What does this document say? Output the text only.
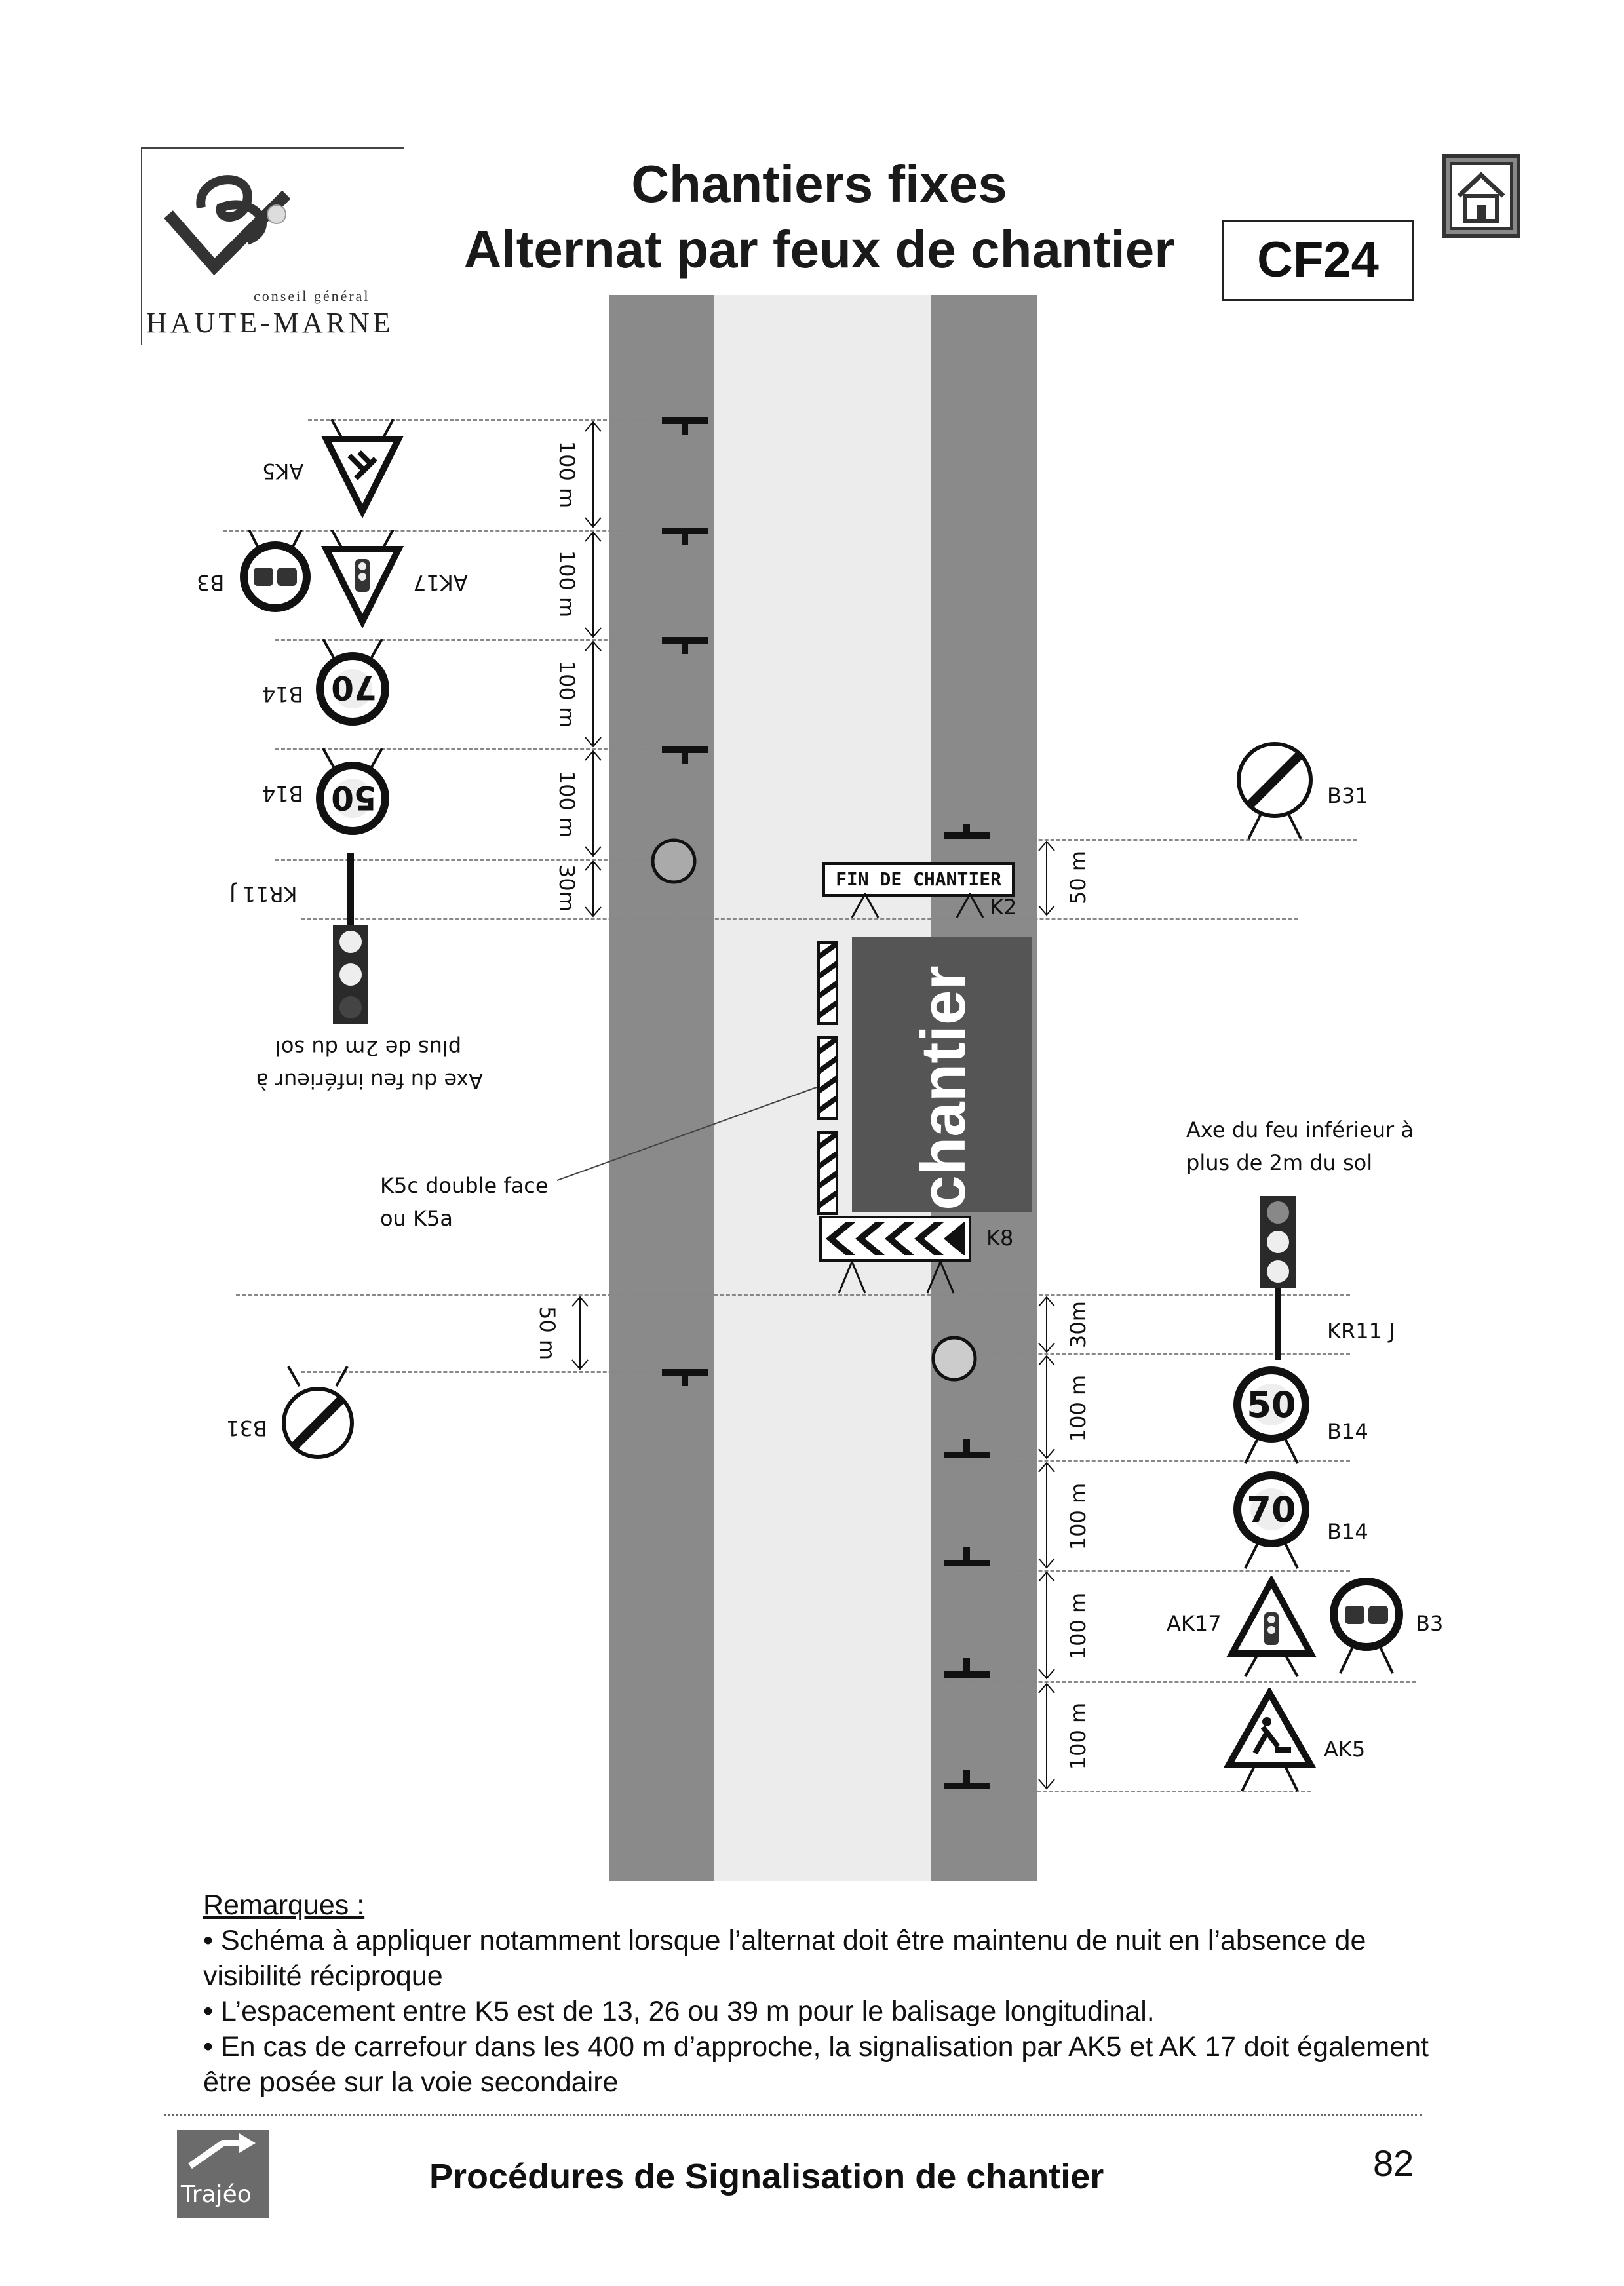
conseil général
HAUTE-MARNE
Chantiers fixes
Alternat par feux de chantier	CF24
100 m
100 m
100 m
100 m
30m
50 m
AK5
AK17
B3
70
B14
50
B14
KR11 J
plus de 2m du sol
Axe du feu inférieur à
B31
FIN DE CHANTIER
K2
chantier
K5c double face
ou K5a
K8
50 m
30m
100 m
100 m
100 m
100 m
B31
Axe du feu inférieur à
plus de 2m du sol
KR11 J
50
B14
70
B14
AK17	B3
AK5
Remarques :
• Schéma à appliquer notamment lorsque l’alternat doit être maintenu de nuit en l’absence de visibilité réciproque
• L’espacement entre K5 est de 13, 26 ou 39 m pour le balisage longitudinal.
• En cas de carrefour dans les 400 m d’approche, la signalisation par AK5 et AK 17 doit également être posée sur la voie secondaire
Trajéo	Procédures de Signalisation de chantier	82
